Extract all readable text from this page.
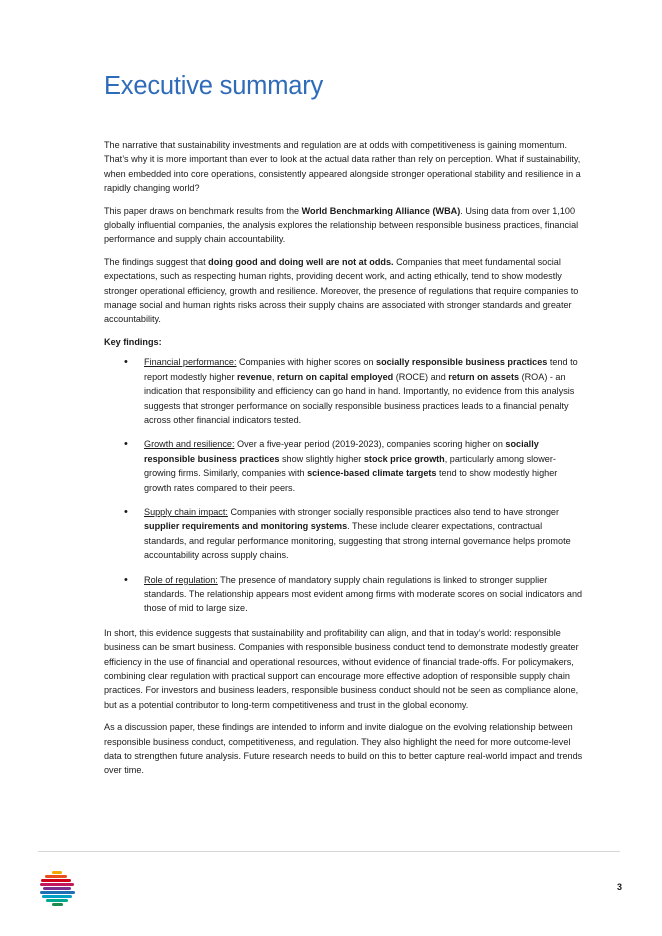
Executive summary

The narrative that sustainability investments and regulation are at odds with competitiveness is gaining momentum. That’s why it is more important than ever to look at the actual data rather than rely on perception. What if sustainability, when embedded into core operations, consistently appeared alongside stronger operational stability and resilience in a rapidly changing world?

This paper draws on benchmark results from the World Benchmarking Alliance (WBA). Using data from over 1,100 globally influential companies, the analysis explores the relationship between responsible business practices, financial performance and supply chain accountability.

The findings suggest that doing good and doing well are not at odds. Companies that meet fundamental social expectations, such as respecting human rights, providing decent work, and acting ethically, tend to show modestly stronger operational efficiency, growth and resilience. Moreover, the presence of regulations that require companies to manage social and human rights risks across their supply chains are associated with stronger standards and greater accountability.

Key findings:

• Financial performance: Companies with higher scores on socially responsible business practices tend to report modestly higher revenue, return on capital employed (ROCE) and return on assets (ROA) - an indication that responsibility and efficiency can go hand in hand. Importantly, no evidence from this analysis suggests that stronger performance on socially responsible business practices leads to a financial penalty across other financial indicators tested.
• Growth and resilience: Over a five-year period (2019-2023), companies scoring higher on socially responsible business practices show slightly higher stock price growth, particularly among slower-growing firms. Similarly, companies with science-based climate targets tend to show modestly higher growth rates compared to their peers.
• Supply chain impact: Companies with stronger socially responsible practices also tend to have stronger supplier requirements and monitoring systems. These include clearer expectations, contractual standards, and regular performance monitoring, suggesting that strong internal governance helps promote accountability across supply chains.
• Role of regulation: The presence of mandatory supply chain regulations is linked to stronger supplier standards. The relationship appears most evident among firms with moderate scores on social indicators and those of mid to large size.

In short, this evidence suggests that sustainability and profitability can align, and that in today’s world: responsible business can be smart business. Companies with responsible business conduct tend to demonstrate modestly greater efficiency in the use of financial and operational resources, without evidence of financial trade-offs. For policymakers, combining clear regulation with practical support can encourage more effective adoption of responsible supply chain practices. For investors and business leaders, responsible business conduct should not be seen as compliance alone, but as a potential contributor to long-term competitiveness and trust in the global economy.

As a discussion paper, these findings are intended to inform and invite dialogue on the evolving relationship between responsible business conduct, competitiveness, and regulation. They also highlight the need for more outcome-level data to strengthen future analysis. Future research needs to build on this to better capture real-world impact and trends over time.

3
